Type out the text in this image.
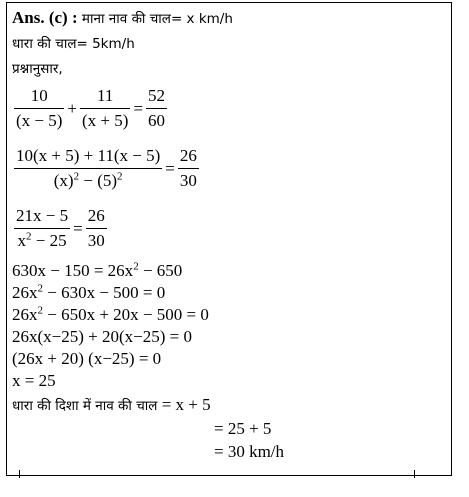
Ans. (c) : माना नाव की चाल= x km/h
धारा की चाल= 5km/h
प्रश्नानुसार,
$\frac{10}{(x - 5)} + \frac{11}{(x + 5)} = \frac{52}{60}$
$\frac{10(x + 5) + 11(x - 5)}{(x)^2 - (5)^2} = \frac{26}{30}$
$\frac{21x - 5}{x^2 - 25} = \frac{26}{30}$
$630x - 150 = 26x^2 - 650$
$26x^2 - 630x - 500 = 0$
$26x^2 - 650x + 20x - 500 = 0$
26x(x−25) + 20(x−25) = 0
(26x + 20) (x−25) = 0
x = 25
धारा की दिशा में नाव की चाल = x + 5
= 25 + 5
= 30 km/h
